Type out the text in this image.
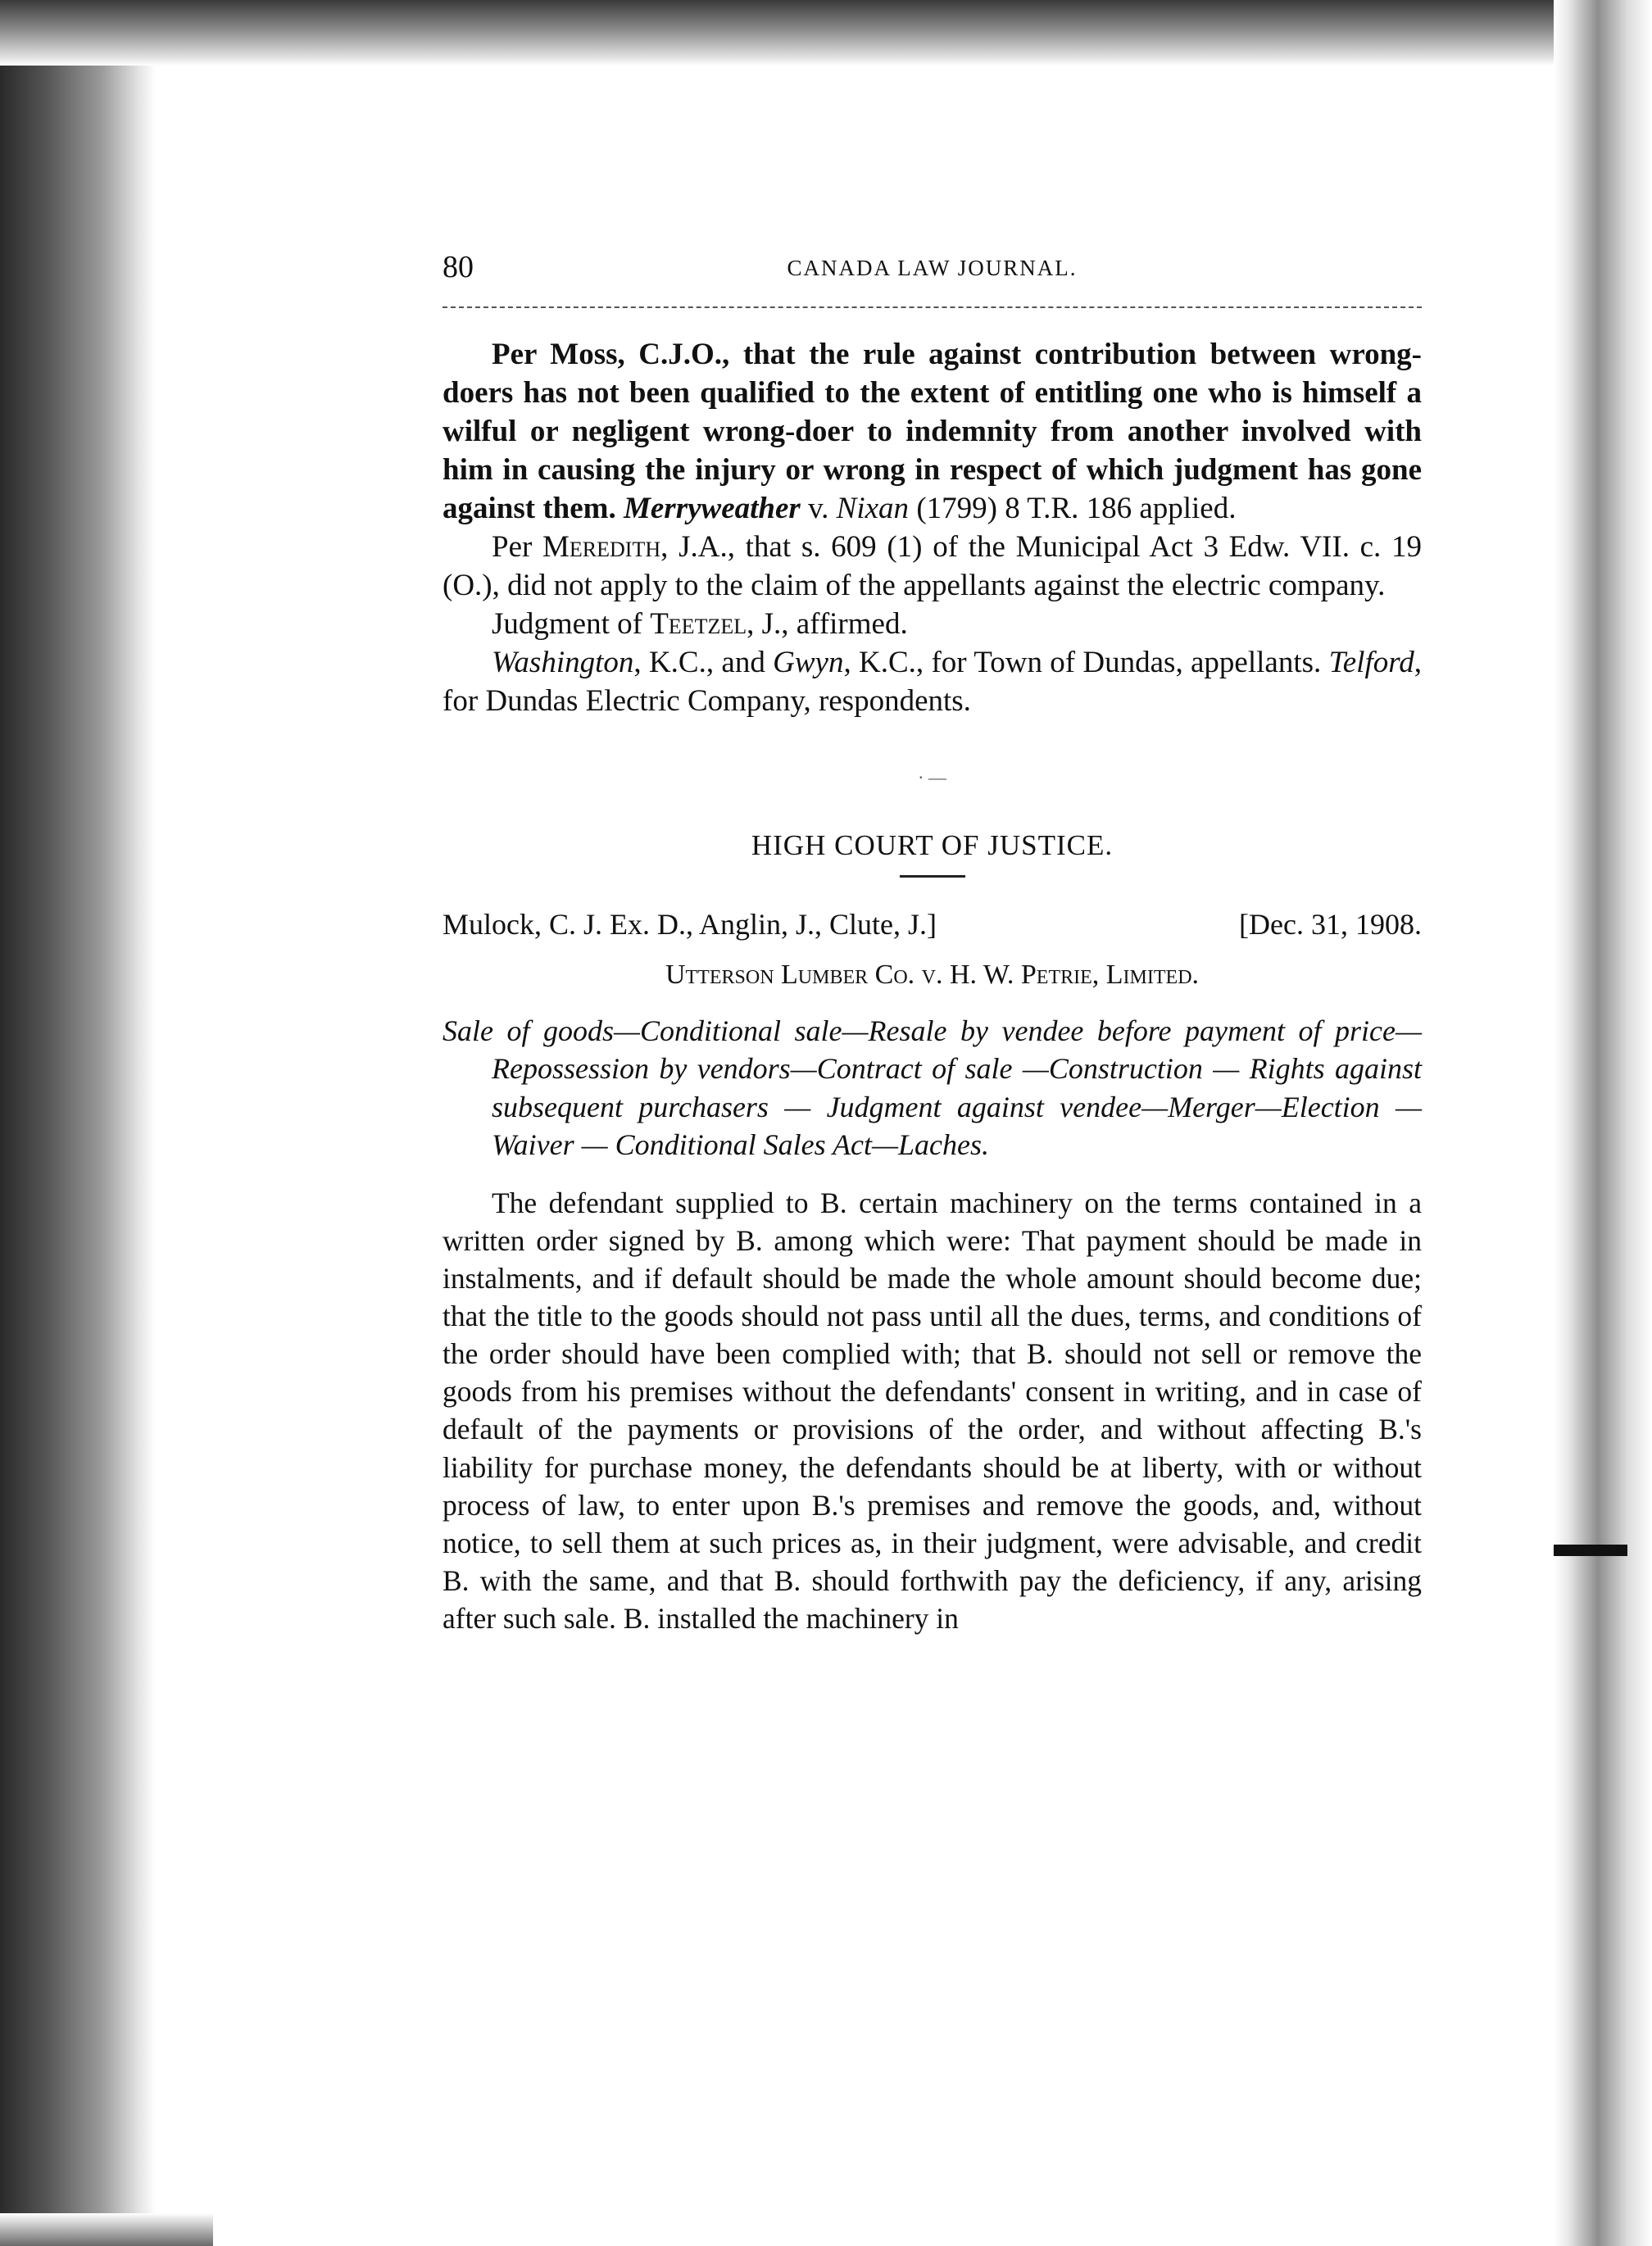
80	CANADA LAW JOURNAL.

Per Moss, C.J.O., that the rule against contribution between wrong-doers has not been qualified to the extent of entitling one who is himself a wilful or negligent wrong-doer to indemnity from another involved with him in causing the injury or wrong in respect of which judgment has gone against them. Merryweather v. Nixan (1799) 8 T.R. 186 applied.

Per Meredith, J.A., that s. 609 (1) of the Municipal Act 3 Edw. VII. c. 19 (O.), did not apply to the claim of the appellants against the electric company.

Judgment of Teetzel, J., affirmed.

Washington, K.C., and Gwyn, K.C., for Town of Dundas, appellants. Telford, for Dundas Electric Company, respondents.

· —
HIGH COURT OF JUSTICE.
Mulock, C. J. Ex. D., Anglin, J., Clute, J.]	[Dec. 31, 1908.
Utterson Lumber Co. v. H. W. Petrie, Limited.

Sale of goods—Conditional sale—Resale by vendee before payment of price—Repossession by vendors—Contract of sale —Construction — Rights against subsequent purchasers — Judgment against vendee—Merger—Election — Waiver — Conditional Sales Act—Laches.

The defendant supplied to B. certain machinery on the terms contained in a written order signed by B. among which were: That payment should be made in instalments, and if default should be made the whole amount should become due; that the title to the goods should not pass until all the dues, terms, and conditions of the order should have been complied with; that B. should not sell or remove the goods from his premises without the defendants' consent in writing, and in case of default of the payments or provisions of the order, and without affecting B.'s liability for purchase money, the defendants should be at liberty, with or without process of law, to enter upon B.'s premises and remove the goods, and, without notice, to sell them at such prices as, in their judgment, were advisable, and credit B. with the same, and that B. should forthwith pay the deficiency, if any, arising after such sale. B. installed the machinery in
